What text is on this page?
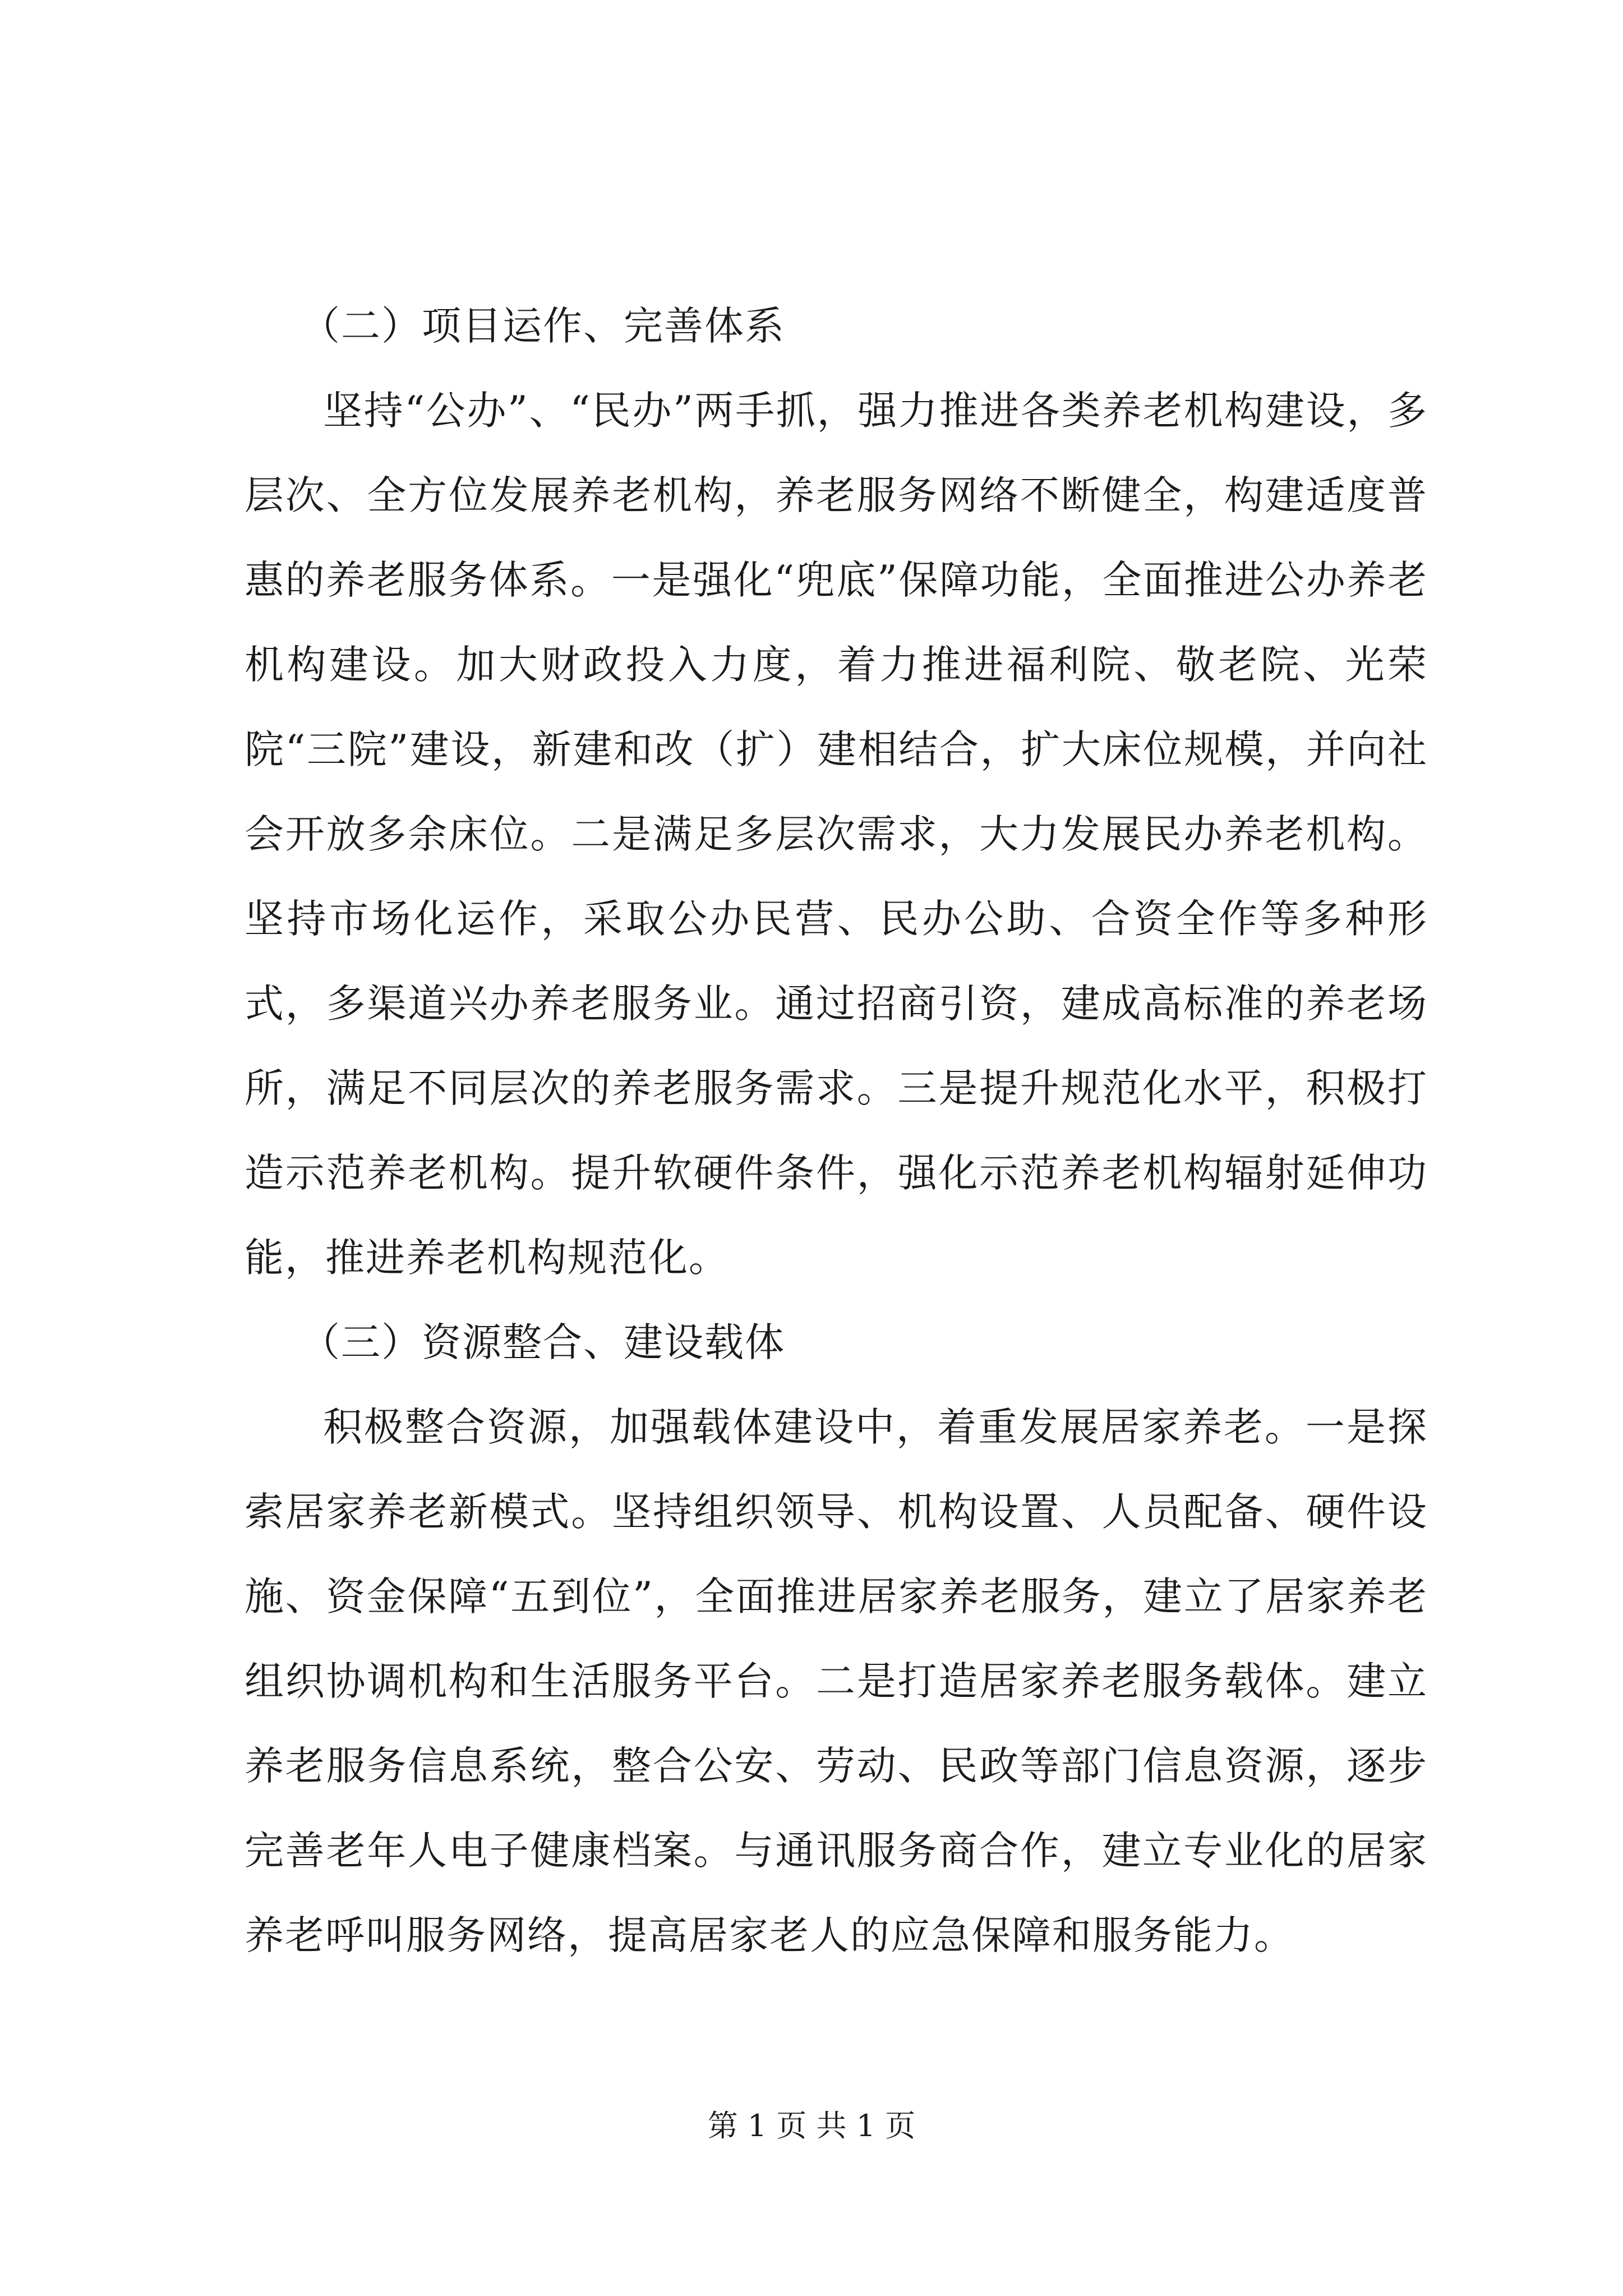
（二）项目运作、完善体系

坚持“公办”、“民办”两手抓，强力推进各类养老机构建设，多层次、全方位发展养老机构，养老服务网络不断健全，构建适度普惠的养老服务体系。一是强化“兜底”保障功能，全面推进公办养老机构建设。加大财政投入力度，着力推进福利院、敬老院、光荣院“三院”建设，新建和改（扩）建相结合，扩大床位规模，并向社会开放多余床位。二是满足多层次需求，大力发展民办养老机构。坚持市场化运作，采取公办民营、民办公助、合资全作等多种形式，多渠道兴办养老服务业。通过招商引资，建成高标准的养老场所，满足不同层次的养老服务需求。三是提升规范化水平，积极打造示范养老机构。提升软硬件条件，强化示范养老机构辐射延伸功能，推进养老机构规范化。

（三）资源整合、建设载体

积极整合资源，加强载体建设中，着重发展居家养老。一是探索居家养老新模式。坚持组织领导、机构设置、人员配备、硬件设施、资金保障“五到位”，全面推进居家养老服务，建立了居家养老组织协调机构和生活服务平台。二是打造居家养老服务载体。建立养老服务信息系统，整合公安、劳动、民政等部门信息资源，逐步完善老年人电子健康档案。与通讯服务商合作，建立专业化的居家养老呼叫服务网络，提高居家老人的应急保障和服务能力。

第 1 页 共 1 页
